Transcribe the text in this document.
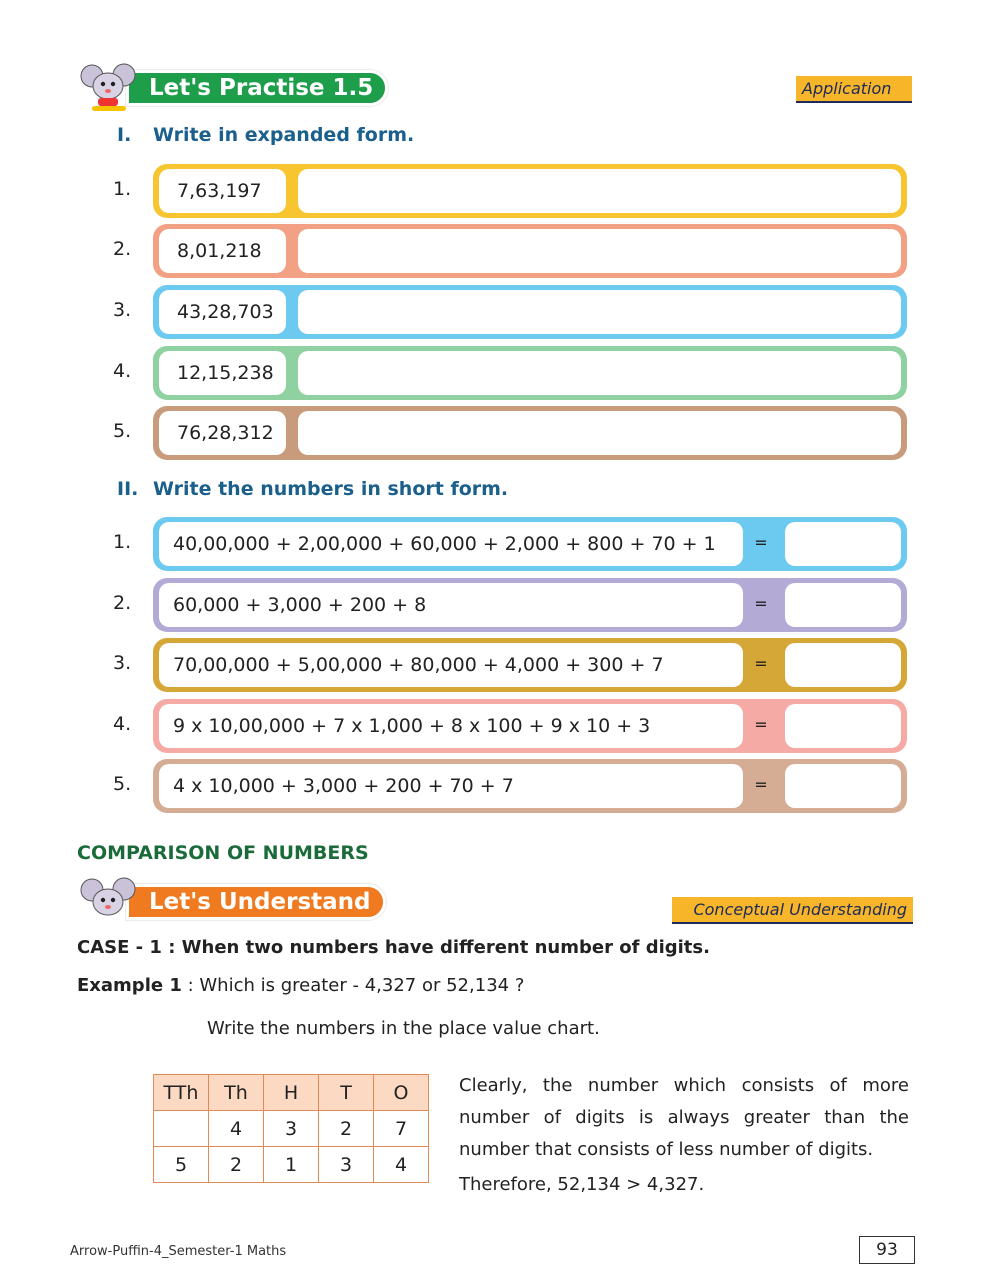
Let's Practise 1.5	Application
I. Write in expanded form.
1.	7,63,197
2.	8,01,218
3.	43,28,703
4.	12,15,238
5.	76,28,312
II. Write the numbers in short form.
1.	40,00,000 + 2,00,000 + 60,000 + 2,000 + 800 + 70 + 1	=
2.	60,000 + 3,000 + 200 + 8	=
3.	70,00,000 + 5,00,000 + 80,000 + 4,000 + 300 + 7	=
4.	9 x 10,00,000 + 7 x 1,000 + 8 x 100 + 9 x 10 + 3	=
5.	4 x 10,000 + 3,000 + 200 + 70 + 7	=
COMPARISON OF NUMBERS
Let's Understand	Conceptual Understanding
CASE - 1 : When two numbers have different number of digits.
Example 1 : Which is greater - 4,327 or 52,134 ?
Write the numbers in the place value chart.
TTh	Th	H	T	O
	4	3	2	7
5	2	1	3	4
Clearly, the number which consists of more number of digits is always greater than the number that consists of less number of digits.
Therefore, 52,134 > 4,327.
Arrow-Puffin-4_Semester-1 Maths	93
